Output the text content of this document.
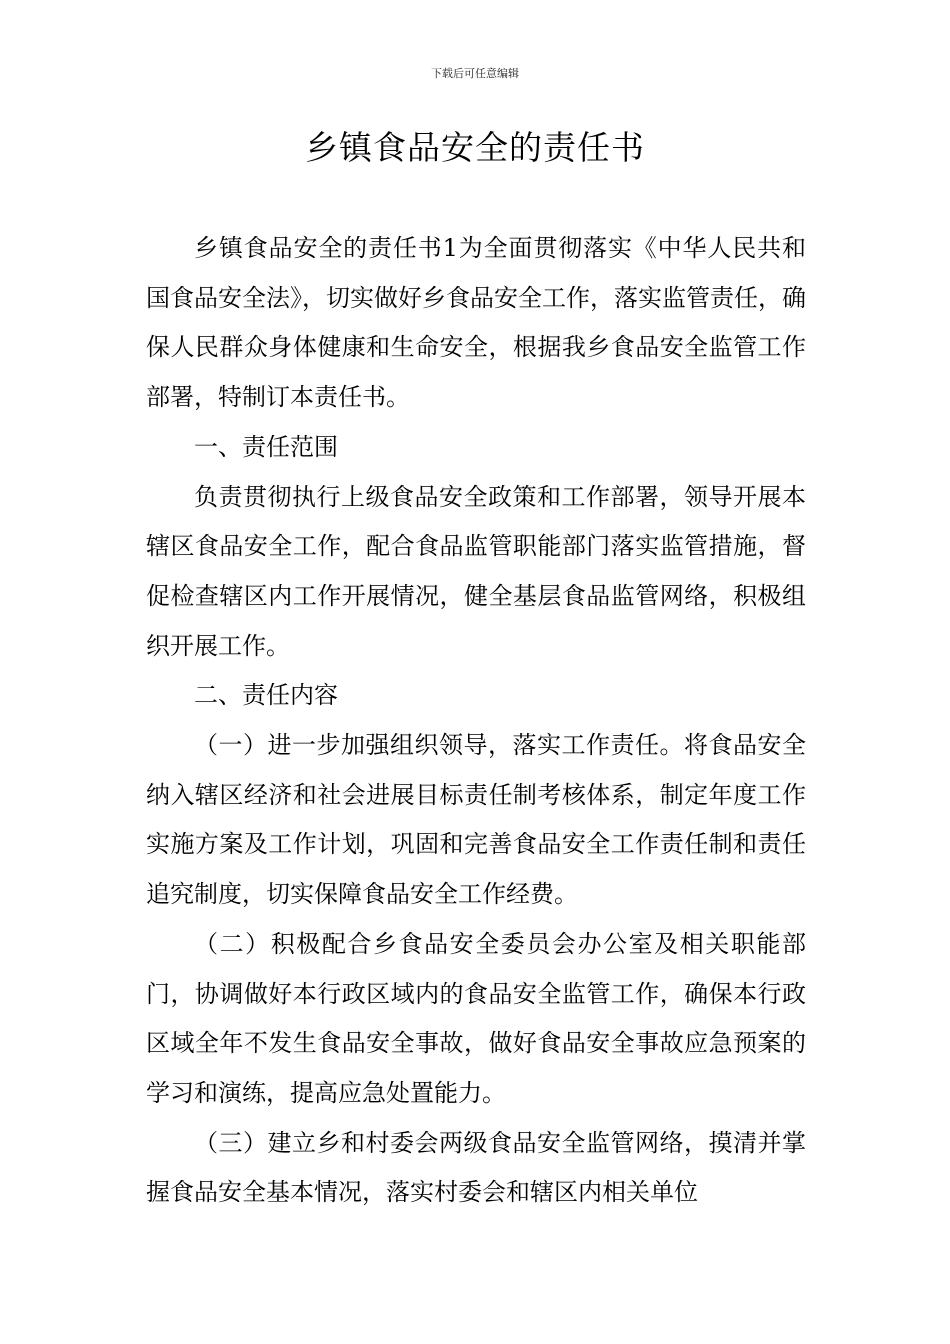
下载后可任意编辑
乡镇食品安全的责任书

乡镇食品安全的责任书1为全面贯彻落实《中华人民共和国食品安全法》，切实做好乡食品安全工作，落实监管责任，确保人民群众身体健康和生命安全，根据我乡食品安全监管工作部署，特制订本责任书。

一、责任范围

负责贯彻执行上级食品安全政策和工作部署，领导开展本辖区食品安全工作，配合食品监管职能部门落实监管措施，督促检查辖区内工作开展情况，健全基层食品监管网络，积极组织开展工作。

二、责任内容

（一）进一步加强组织领导，落实工作责任。将食品安全纳入辖区经济和社会进展目标责任制考核体系，制定年度工作实施方案及工作计划，巩固和完善食品安全工作责任制和责任追究制度，切实保障食品安全工作经费。

（二）积极配合乡食品安全委员会办公室及相关职能部门，协调做好本行政区域内的食品安全监管工作，确保本行政区域全年不发生食品安全事故，做好食品安全事故应急预案的学习和演练，提高应急处置能力。

（三）建立乡和村委会两级食品安全监管网络，摸清并掌握食品安全基本情况，落实村委会和辖区内相关单位
